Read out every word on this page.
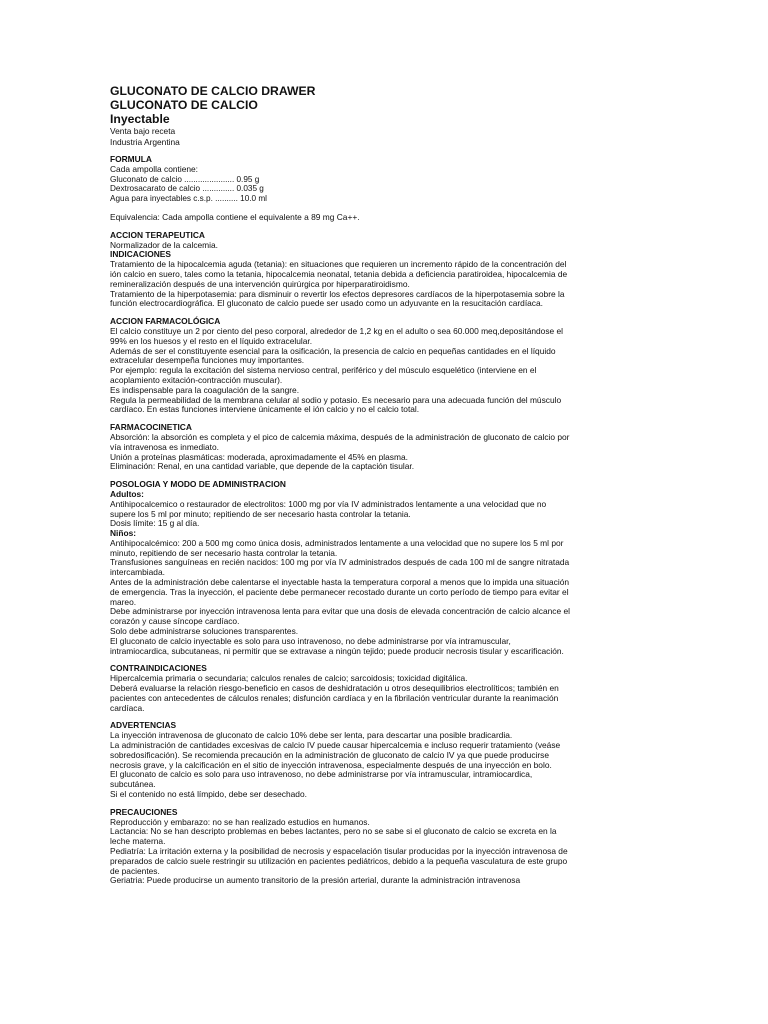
GLUCONATO DE CALCIO DRAWER
GLUCONATO DE CALCIO
Inyectable

Venta bajo receta

Industria Argentina

FORMULA

Cada ampolla contiene:

Gluconato de calcio ...................... 0.95 g

Dextrosacarato de calcio .............. 0.035 g

Agua para inyectables c.s.p. .......... 10.0 ml

Equivalencia: Cada ampolla contiene el equivalente a 89 mg Ca++.

ACCION TERAPEUTICA

Normalizador de la calcemia.

INDICACIONES

Tratamiento de la hipocalcemia aguda (tetania): en situaciones que requieren un incremento rápido de la concentración del ión calcio en suero, tales como la tetania, hipocalcemia neonatal, tetania debida a deficiencia paratiroidea, hipocalcemia de remineralización después de una intervención quirúrgica por hiperparatiroidismo.

Tratamiento de la hiperpotasemia: para disminuir o revertir los efectos depresores cardíacos de la hiperpotasemia sobre la función electrocardiográfica. El gluconato de calcio puede ser usado como un adyuvante en la resucitación cardíaca.

ACCION FARMACOLÓGICA

El calcio constituye un 2 por ciento del peso corporal, alrededor de 1,2 kg en el adulto o sea 60.000 meq,depositándose el 99% en los huesos y el resto en el líquido extracelular.

Además de ser el constituyente esencial para la osificación, la presencia de calcio en pequeñas cantidades en el líquido extracelular desempeña funciones muy importantes.

Por ejemplo: regula la excitación del sistema nervioso central, periférico y del músculo esquelético (interviene en el acoplamiento exitación-contracción muscular).

Es indispensable para la coagulación de la sangre.

Regula la permeabilidad de la membrana celular al sodio y potasio. Es necesario para una adecuada función del músculo cardíaco. En estas funciones interviene únicamente el ión calcio y no el calcio total.

FARMACOCINETICA

Absorción: la absorción es completa y el pico de calcemia máxima, después de la administración de gluconato de calcio por vía intravenosa es inmediato.

Unión a proteínas plasmáticas: moderada, aproximadamente el 45% en plasma.

Eliminación: Renal, en una cantidad variable, que depende de la captación tisular.

POSOLOGIA Y MODO DE ADMINISTRACION

Adultos:

Antihipocalcemico o restaurador de electrolitos: 1000 mg por vía IV administrados lentamente a una velocidad que no supere los 5 ml por minuto; repitiendo de ser necesario hasta controlar la tetania.

Dosis límite: 15 g al día.

Niños:

Antihipocalcémico: 200 a 500 mg como única dosis, administrados lentamente a una velocidad que no supere los 5 ml por minuto, repitiendo de ser necesario hasta controlar la tetania.

Transfusiones sanguíneas en recién nacidos: 100 mg por vía IV administrados después de cada 100 ml de sangre nitratada intercambiada.

Antes de la administración debe calentarse el inyectable hasta la temperatura corporal a menos que lo impida una situación de emergencia. Tras la inyección, el paciente debe permanecer recostado durante un corto período de tiempo para evitar el mareo.

Debe administrarse por inyección intravenosa lenta para evitar que una dosis de elevada concentración de calcio alcance el corazón y cause síncope cardíaco.

Solo debe administrarse soluciones transparentes.

El gluconato de calcio inyectable es solo para uso intravenoso, no debe administrarse por vía intramuscular, intramiocardica, subcutaneas, ni permitir que se extravase a ningún tejido; puede producir necrosis tisular y escarificación.

CONTRAINDICACIONES

Hipercalcemia primaria o secundaria; calculos renales de calcio; sarcoidosis; toxicidad digitálica.

Deberá evaluarse la relación riesgo-beneficio en casos de deshidratación u otros desequilibrios electrolíticos; también en pacientes con antecedentes de cálculos renales; disfunción cardíaca y en la fibrilación ventricular durante la reanimación cardíaca.

ADVERTENCIAS

La inyección intravenosa de gluconato de calcio 10% debe ser lenta, para descartar una posible bradicardia.

La administración de cantidades excesivas de calcio IV puede causar hipercalcemia e incluso requerir tratamiento (veáse sobredosificación). Se recomienda precaución en la administración de gluconato de calcio IV ya que puede producirse necrosis grave, y la calcificación en el sitio de inyección intravenosa, especialmente después de una inyección en bolo.

El gluconato de calcio es solo para uso intravenoso, no debe administrarse por vía intramuscular, intramiocardica, subcutánea.

Si el contenido no está límpido, debe ser desechado.

PRECAUCIONES

Reproducción y embarazo: no se han realizado estudios en humanos.

Lactancia: No se han descripto problemas en bebes lactantes, pero no se sabe si el gluconato de calcio se excreta en la leche materna.

Pediatría: La irritación externa y la posibilidad de necrosis y espacelación tisular producidas por la inyección intravenosa de preparados de calcio suele restringir su utilización en pacientes pediátricos, debido a la pequeña vasculatura de este grupo de pacientes.

Geriatria: Puede producirse un aumento transitorio de la presión arterial, durante la administración intravenosa
